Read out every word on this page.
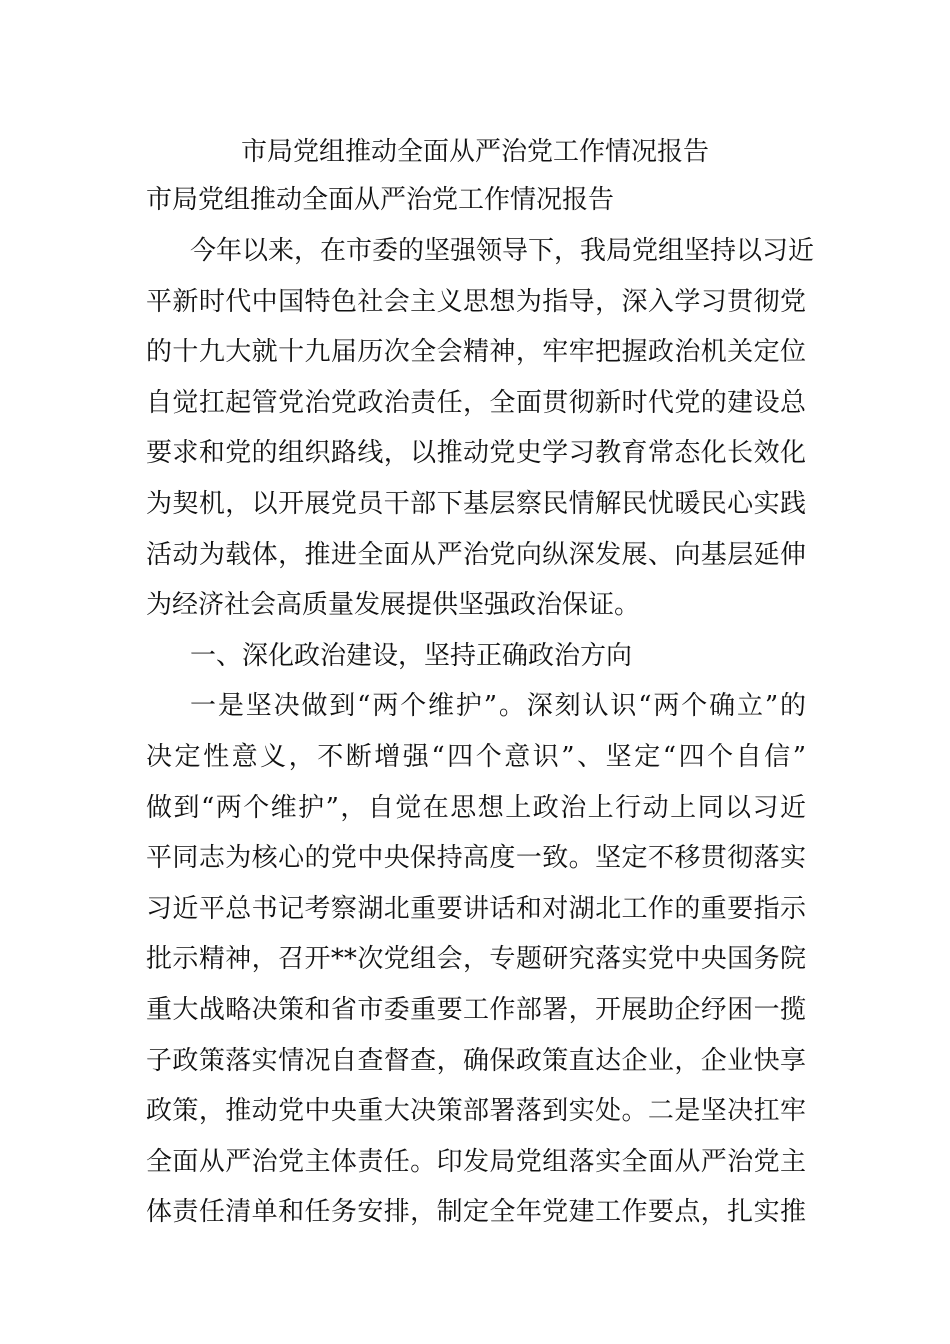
市局党组推动全面从严治党工作情况报告
市局党组推动全面从严治党工作情况报告
今年以来，在市委的坚强领导下，我局党组坚持以习近
平新时代中国特色社会主义思想为指导，深入学习贯彻党
的十九大就十九届历次全会精神，牢牢把握政治机关定位
自觉扛起管党治党政治责任，全面贯彻新时代党的建设总
要求和党的组织路线，以推动党史学习教育常态化长效化
为契机，以开展党员干部下基层察民情解民忧暖民心实践
活动为载体，推进全面从严治党向纵深发展、向基层延伸
为经济社会高质量发展提供坚强政治保证。
一、深化政治建设，坚持正确政治方向
一是坚决做到“两个维护”。深刻认识“两个确立”的
决定性意义，不断增强“四个意识”、坚定“四个自信”
做到“两个维护”，自觉在思想上政治上行动上同以习近
平同志为核心的党中央保持高度一致。坚定不移贯彻落实
习近平总书记考察湖北重要讲话和对湖北工作的重要指示
批示精神，召开**次党组会，专题研究落实党中央国务院
重大战略决策和省市委重要工作部署，开展助企纾困一揽
子政策落实情况自查督查，确保政策直达企业，企业快享
政策，推动党中央重大决策部署落到实处。二是坚决扛牢
全面从严治党主体责任。印发局党组落实全面从严治党主
体责任清单和任务安排，制定全年党建工作要点，扎实推
